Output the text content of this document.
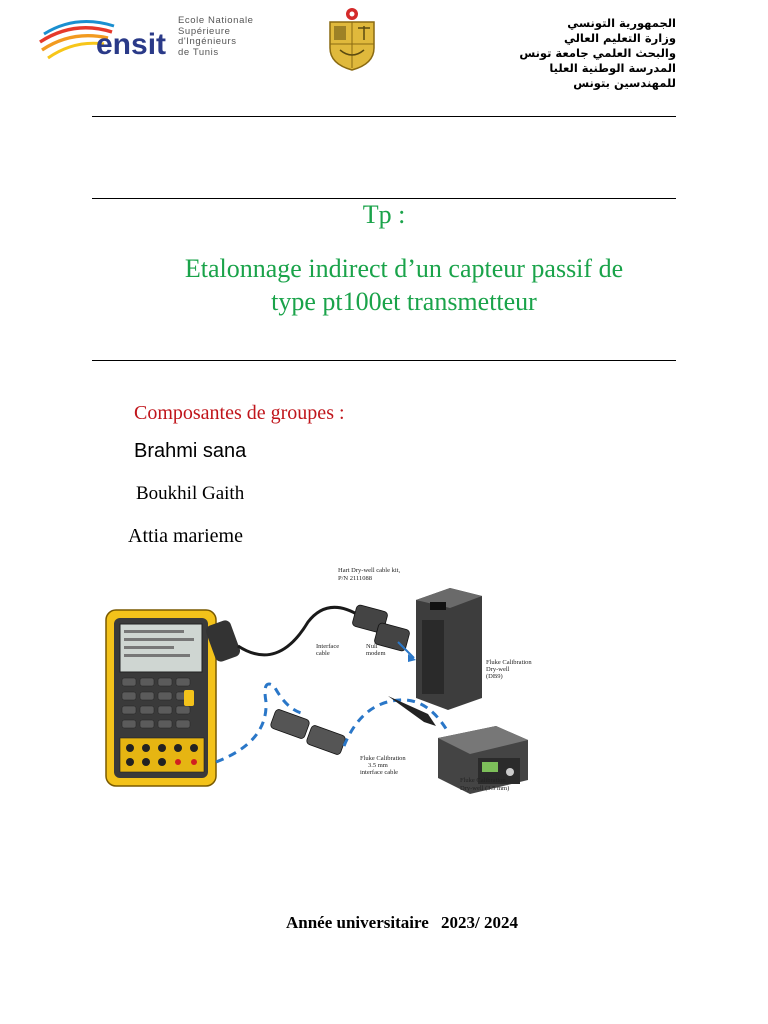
ensit
Ecole Nationale
Supérieure
d'Ingénieurs
de Tunis
الجمهورية التونسي
وزارة التعليم العالي
والبحث العلمي جامعة تونس
المدرسة الوطنية العليا
للمهندسين بتونس
Tp :
Etalonnage indirect d’un capteur passif de
type pt100et transmetteur
Composantes de groupes :
Brahmi sana
Boukhil Gaith
Attia marieme
Hart Dry-well cable kit,
P/N 2111088
Interface
cable
Null
modem
Fluke Calibration
Dry-well
(DB9)
Fluke Calibration
3.5 mm
interface cable
Fluke Calibration
Dry-well (3.5 mm)
Année universitaire 2023/ 2024
